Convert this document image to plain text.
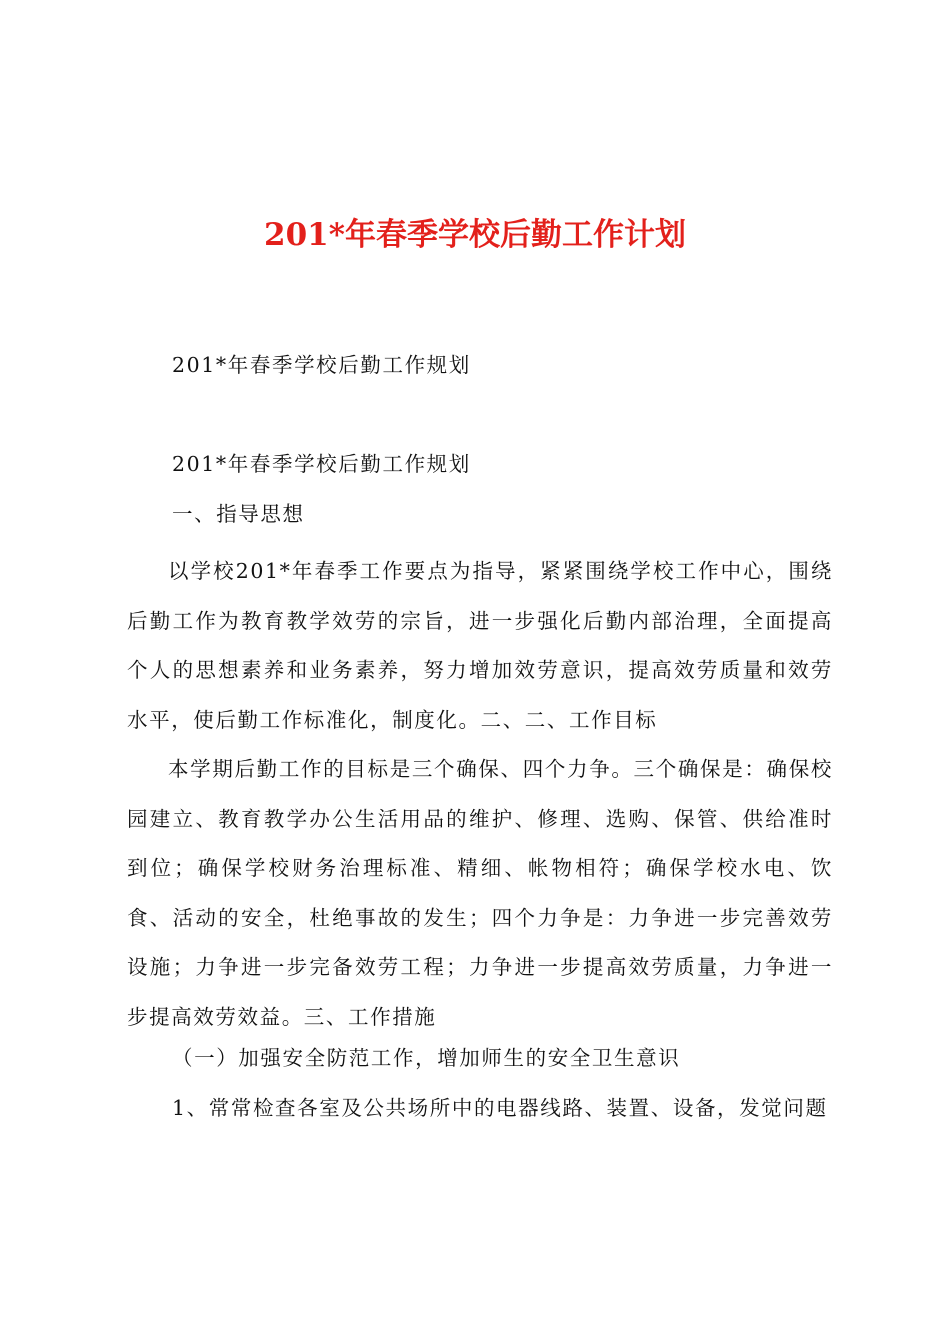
201*年春季学校后勤工作计划
201*年春季学校后勤工作规划
201*年春季学校后勤工作规划
一、指导思想

以学校201*年春季工作要点为指导，紧紧围绕学校工作中心，围绕后勤工作为教育教学效劳的宗旨，进一步强化后勤内部治理，全面提高个人的思想素养和业务素养，努力增加效劳意识，提高效劳质量和效劳水平，使后勤工作标准化，制度化。二、二、工作目标

本学期后勤工作的目标是三个确保、四个力争。三个确保是：确保校园建立、教育教学办公生活用品的维护、修理、选购、保管、供给准时到位；确保学校财务治理标准、精细、帐物相符；确保学校水电、饮食、活动的安全，杜绝事故的发生；四个力争是：力争进一步完善效劳设施；力争进一步完备效劳工程；力争进一步提高效劳质量，力争进一步提高效劳效益。三、工作措施

（一）加强安全防范工作，增加师生的安全卫生意识
1、常常检查各室及公共场所中的电器线路、装置、设备，发觉问题
